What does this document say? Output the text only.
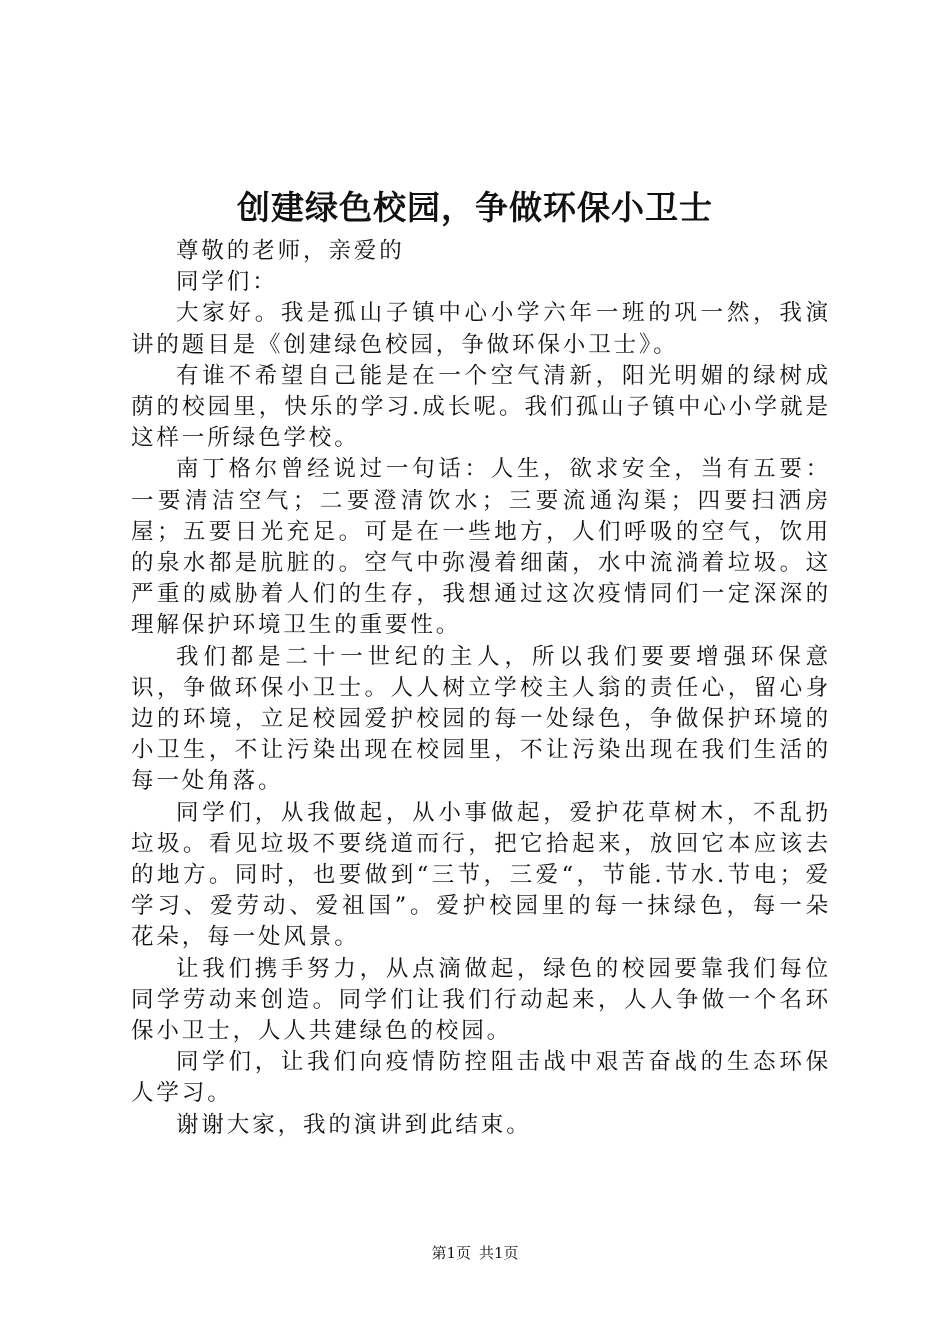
创建绿色校园，争做环保小卫士

尊敬的老师，亲爱的

同学们：

大家好。我是孤山子镇中心小学六年一班的巩一然，我演讲的题目是《创建绿色校园，争做环保小卫士》。

有谁不希望自己能是在一个空气清新，阳光明媚的绿树成荫的校园里，快乐的学习.成长呢。我们孤山子镇中心小学就是这样一所绿色学校。

南丁格尔曾经说过一句话：人生，欲求安全，当有五要：一要清洁空气；二要澄清饮水；三要流通沟渠；四要扫洒房屋；五要日光充足。可是在一些地方，人们呼吸的空气，饮用的泉水都是肮脏的。空气中弥漫着细菌，水中流淌着垃圾。这严重的威胁着人们的生存，我想通过这次疫情同们一定深深的理解保护环境卫生的重要性。

我们都是二十一世纪的主人，所以我们要要增强环保意识，争做环保小卫士。人人树立学校主人翁的责任心，留心身边的环境，立足校园爱护校园的每一处绿色，争做保护环境的小卫生，不让污染出现在校园里，不让污染出现在我们生活的每一处角落。

同学们，从我做起，从小事做起，爱护花草树木，不乱扔垃圾。看见垃圾不要绕道而行，把它拾起来，放回它本应该去的地方。同时，也要做到“三节，三爱“，节能.节水.节电；爱学习、爱劳动、爱祖国”。爱护校园里的每一抹绿色，每一朵花朵，每一处风景。

让我们携手努力，从点滴做起，绿色的校园要靠我们每位同学劳动来创造。同学们让我们行动起来，人人争做一个名环保小卫士，人人共建绿色的校园。

同学们，让我们向疫情防控阻击战中艰苦奋战的生态环保人学习。

谢谢大家，我的演讲到此结束。

第1页 共1页
